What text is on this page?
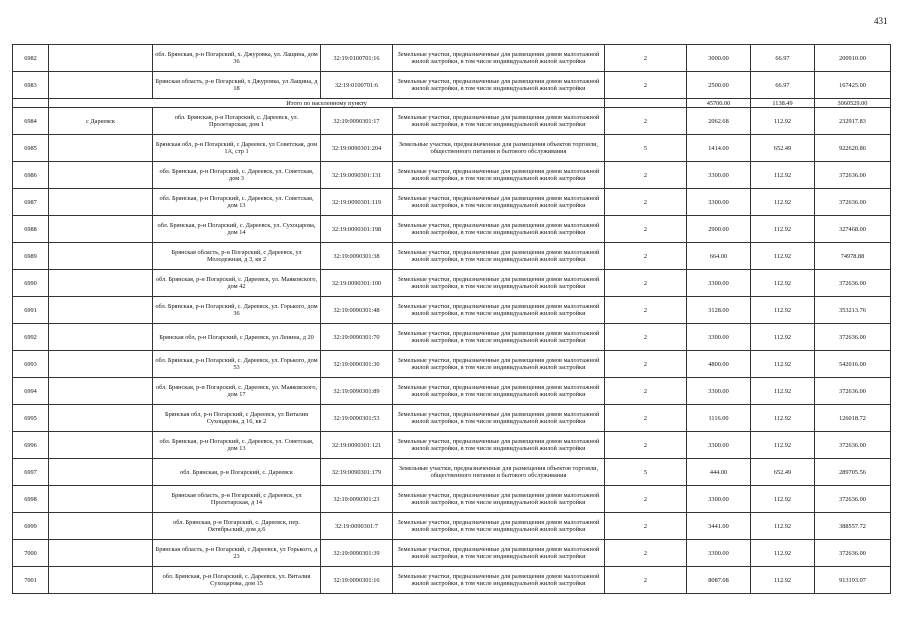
431
6982		обл. Брянская, р-н Погарский, х. Джуровка, ул. Лащина, дом 36	32:19:0100701:16	Земельные участки, предназначенные для размещения домов малоэтажной жилой застройки, в том числе индивидуальной жилой застройки	2	3000.00	66.97	200910.00
6983		Брянская область, р-н Погарский, х Джуровка, ул Лащина, д 18	32:19:0100701:6	Земельные участки, предназначенные для размещения домов малоэтажной жилой застройки, в том числе индивидуальной жилой застройки	2	2500.00	66.97	167425.00
	Итого по населенному пункту					45700.00	1138.49	3060529.00
6984	с Дареевск	обл. Брянская, р-н Погарский, с. Дареевск, ул. Пролетарская, дом 1	32:19:0090301:17	Земельные участки, предназначенные для размещения домов малоэтажной жилой застройки, в том числе индивидуальной жилой застройки	2	2062.68	112.92	232917.83
6985		Брянская обл, р-н Погарский, с Дареевск, ул Советская, дом 1А, стр 1	32:19:0090301:204	Земельные участки, предназначенные для размещения объектов торговли, общественного питания и бытового обслуживания	5	1414.00	652.49	922620.86
6986		обл. Брянская, р-н Погарский, с. Дареевск, ул. Советская, дом 3	32:19:0090301:131	Земельные участки, предназначенные для размещения домов малоэтажной жилой застройки, в том числе индивидуальной жилой застройки	2	3300.00	112.92	372636.00
6987		обл. Брянская, р-н Погарский, с. Дареевск, ул. Советская, дом 13	32:19:0090301:119	Земельные участки, предназначенные для размещения домов малоэтажной жилой застройки, в том числе индивидуальной жилой застройки	2	3300.00	112.92	372636.00
6988		обл. Брянская, р-н Погарский, с. Дареевск, ул. Сухоцарова, дом 14	32:19:0090301:198	Земельные участки, предназначенные для размещения домов малоэтажной жилой застройки, в том числе индивидуальной жилой застройки	2	2900.00	112.92	327468.00
6989		Брянская область, р-н Погарский, с Дареевск, ул Молодежная, д 3, кв 2	32:19:0090301:38	Земельные участки, предназначенные для размещения домов малоэтажной жилой застройки, в том числе индивидуальной жилой застройки	2	664.00	112.92	74978.88
6990		обл. Брянская, р-н Погарский, с. Дареевск, ул. Маяковского, дом 42	32:19:0090301:100	Земельные участки, предназначенные для размещения домов малоэтажной жилой застройки, в том числе индивидуальной жилой застройки	2	3300.00	112.92	372636.00
6991		обл. Брянская, р-н Погарский, с. Дареевск, ул. Горького, дом 36	32:19:0090301:48	Земельные участки, предназначенные для размещения домов малоэтажной жилой застройки, в том числе индивидуальной жилой застройки	2	3128.00	112.92	353213.76
6992		Брянская обл, р-н Погарский, с Дареевск, ул Ленина, д 20	32:19:0090301:70	Земельные участки, предназначенные для размещения домов малоэтажной жилой застройки, в том числе индивидуальной жилой застройки	2	3300.00	112.92	372636.00
6993		обл. Брянская, р-н Погарский, с. Дареевск, ул. Горького, дом 53	32:19:0090301:30	Земельные участки, предназначенные для размещения домов малоэтажной жилой застройки, в том числе индивидуальной жилой застройки	2	4800.00	112.92	542016.00
6994		обл. Брянская, р-н Погарский, с. Дареевск, ул. Маяковского, дом 17	32:19:0090301:89	Земельные участки, предназначенные для размещения домов малоэтажной жилой застройки, в том числе индивидуальной жилой застройки	2	3300.00	112.92	372636.00
6995		Брянская обл, р-н Погарский, с Дареевск, ул Виталия Сухоцарова, д 16, кв 2	32:19:0090301:53	Земельные участки, предназначенные для размещения домов малоэтажной жилой застройки, в том числе индивидуальной жилой застройки	2	1116.00	112.92	126018.72
6996		обл. Брянская, р-н Погарский, с. Дареевск, ул. Советская, дом 13	32:19:0090301:121	Земельные участки, предназначенные для размещения домов малоэтажной жилой застройки, в том числе индивидуальной жилой застройки	2	3300.00	112.92	372636.00
6997		обл. Брянская, р-н Погарский, с. Дареевск	32:19:0090301:179	Земельные участки, предназначенные для размещения объектов торговли, общественного питания и бытового обслуживания	5	444.00	652.49	289705.56
6998		Брянская область, р-н Погарский, с Дареевск, ул Пролетарская, д 14	32:19:0090301:23	Земельные участки, предназначенные для размещения домов малоэтажной жилой застройки, в том числе индивидуальной жилой застройки	2	3300.00	112.92	372636.00
6999		обл. Брянская, р-н Погарский, с. Дареевск, пер. Октябрьский, дом д.6	32:19:0090301:7	Земельные участки, предназначенные для размещения домов малоэтажной жилой застройки, в том числе индивидуальной жилой застройки	2	3441.00	112.92	388557.72
7000		Брянская область, р-н Погарский, с Дареевск, ул Горького, д 23	32:19:0090301:39	Земельные участки, предназначенные для размещения домов малоэтажной жилой застройки, в том числе индивидуальной жилой застройки	2	3300.00	112.92	372636.00
7001		обл. Брянская, р-н Погарский, с. Дареевск, ул. Виталия Сухоцарова, дом 15	32:19:0090301:16	Земельные участки, предназначенные для размещения домов малоэтажной жилой застройки, в том числе индивидуальной жилой застройки	2	8087.08	112.92	913193.07
